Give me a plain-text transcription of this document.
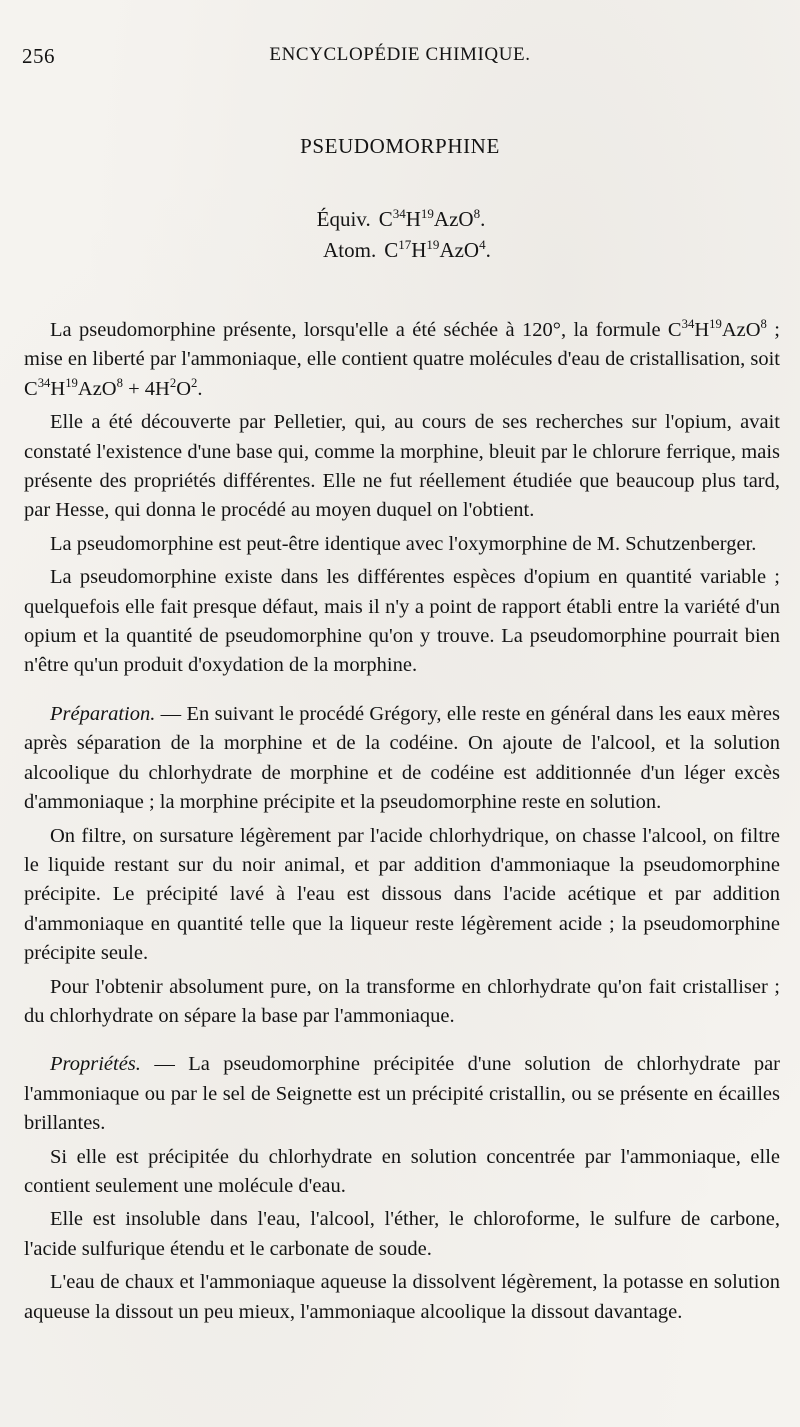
256	ENCYCLOPÉDIE CHIMIQUE.
PSEUDOMORPHINE
Équiv. $C^{34}H^{19}AzO^8$.
Atom. $C^{17}H^{19}AzO^4$.

La pseudomorphine présente, lorsqu'elle a été séchée à 120°, la formule $C^{34}H^{19}AzO^8$ ; mise en liberté par l'ammoniaque, elle contient quatre molécules d'eau de cristallisation, soit $C^{34}H^{19}AzO^8 + 4H^2O^2$.

Elle a été découverte par Pelletier, qui, au cours de ses recherches sur l'opium, avait constaté l'existence d'une base qui, comme la morphine, bleuit par le chlorure ferrique, mais présente des propriétés différentes. Elle ne fut réellement étudiée que beaucoup plus tard, par Hesse, qui donna le procédé au moyen duquel on l'obtient.

La pseudomorphine est peut-être identique avec l'oxymorphine de M. Schutzenberger.

La pseudomorphine existe dans les différentes espèces d'opium en quantité variable ; quelquefois elle fait presque défaut, mais il n'y a point de rapport établi entre la variété d'un opium et la quantité de pseudomorphine qu'on y trouve. La pseudomorphine pourrait bien n'être qu'un produit d'oxydation de la morphine.

Préparation. — En suivant le procédé Grégory, elle reste en général dans les eaux mères après séparation de la morphine et de la codéine. On ajoute de l'alcool, et la solution alcoolique du chlorhydrate de morphine et de codéine est additionnée d'un léger excès d'ammoniaque ; la morphine précipite et la pseudomorphine reste en solution.

On filtre, on sursature légèrement par l'acide chlorhydrique, on chasse l'alcool, on filtre le liquide restant sur du noir animal, et par addition d'ammoniaque la pseudomorphine précipite. Le précipité lavé à l'eau est dissous dans l'acide acétique et par addition d'ammoniaque en quantité telle que la liqueur reste légèrement acide ; la pseudomorphine précipite seule.

Pour l'obtenir absolument pure, on la transforme en chlorhydrate qu'on fait cristalliser ; du chlorhydrate on sépare la base par l'ammoniaque.

Propriétés. — La pseudomorphine précipitée d'une solution de chlorhydrate par l'ammoniaque ou par le sel de Seignette est un précipité cristallin, ou se présente en écailles brillantes.

Si elle est précipitée du chlorhydrate en solution concentrée par l'ammoniaque, elle contient seulement une molécule d'eau.

Elle est insoluble dans l'eau, l'alcool, l'éther, le chloroforme, le sulfure de carbone, l'acide sulfurique étendu et le carbonate de soude.

L'eau de chaux et l'ammoniaque aqueuse la dissolvent légèrement, la potasse en solution aqueuse la dissout un peu mieux, l'ammoniaque alcoolique la dissout davantage.
